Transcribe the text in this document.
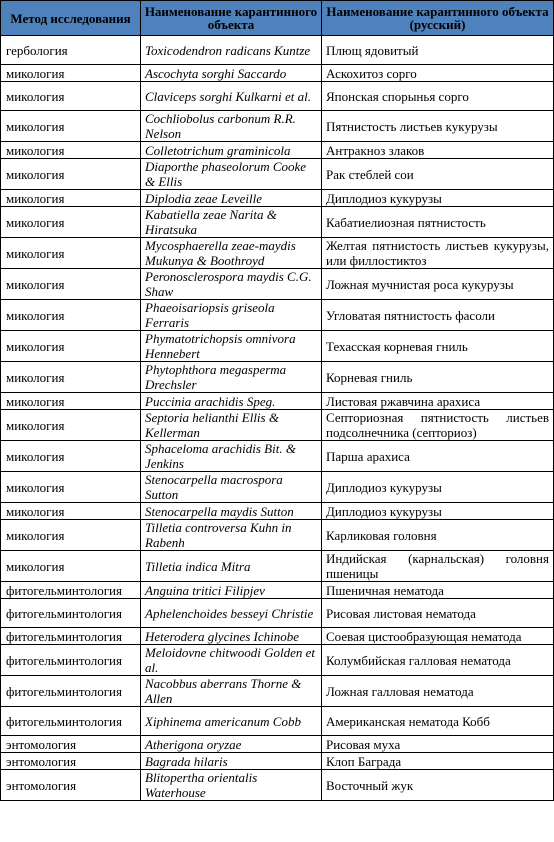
Метод исследования	Наименование карантинного объекта	Наименование карантинного объекта (русский)
гербология	Toxicodendron radicans Kuntze	Плющ ядовитый
микология	Ascochyta sorghi Saccardo	Аскохитоз сорго
микология	Claviceps sorghi Kulkarni et al.	Японская спорынья сорго
микология	Cochliobolus carbonum R.R. Nelson	Пятнистость листьев кукурузы
микология	Colletotrichum graminicola	Антракноз злаков
микология	Diaporthe phaseolorum Cooke & Ellis	Рак стеблей сои
микология	Diplodia zeae Leveille	Диплодиоз кукурузы
микология	Kabatiella zeae Narita & Hiratsuka	Кабатиелиозная пятнистость
микология	Mycosphaerella zeae-maydis Mukunya & Boothroyd	Желтая пятнистость листьев кукурузы, или филлостиктоз
микология	Peronosclerospora maydis C.G. Shaw	Ложная мучнистая роса кукурузы
микология	Phaeoisariopsis griseola Ferraris	Угловатая пятнистость фасоли
микология	Phymatotrichopsis omnivora Hennebert	Техасская корневая гниль
микология	Phytophthora megasperma Drechsler	Корневая гниль
микология	Puccinia arachidis Speg.	Листовая ржавчина арахиса
микология	Septoria helianthi Ellis & Kellerman	Септориозная пятнистость листьев подсолнечника (септориоз)
микология	Sphaceloma arachidis Bit. & Jenkins	Парша арахиса
микология	Stenocarpella macrospora Sutton	Диплодиоз кукурузы
микология	Stenocarpella maydis Sutton	Диплодиоз кукурузы
микология	Tilletia controversa Kuhn in Rabenh	Карликовая головня
микология	Tilletia indica Mitra	Индийская (карнальская) головня пшеницы
фитогельминтология	Anguina tritici Filipjev	Пшеничная нематода
фитогельминтология	Aphelenchoides besseyi Christie	Рисовая листовая нематода
фитогельминтология	Heterodera glycines Ichinobe	Соевая цистообразующая нематода
фитогельминтология	Meloidovne chitwoodi Golden et al.	Колумбийская галловая нематода
фитогельминтология	Nacobbus aberrans Thorne & Allen	Ложная галловая нематода
фитогельминтология	Xiphinema americanum Cobb	Американская нематода Кобб
энтомология	Atherigona oryzae	Рисовая муха
энтомология	Bagrada hilaris	Клоп Баграда
энтомология	Blitopertha orientalis Waterhouse	Восточный жук
